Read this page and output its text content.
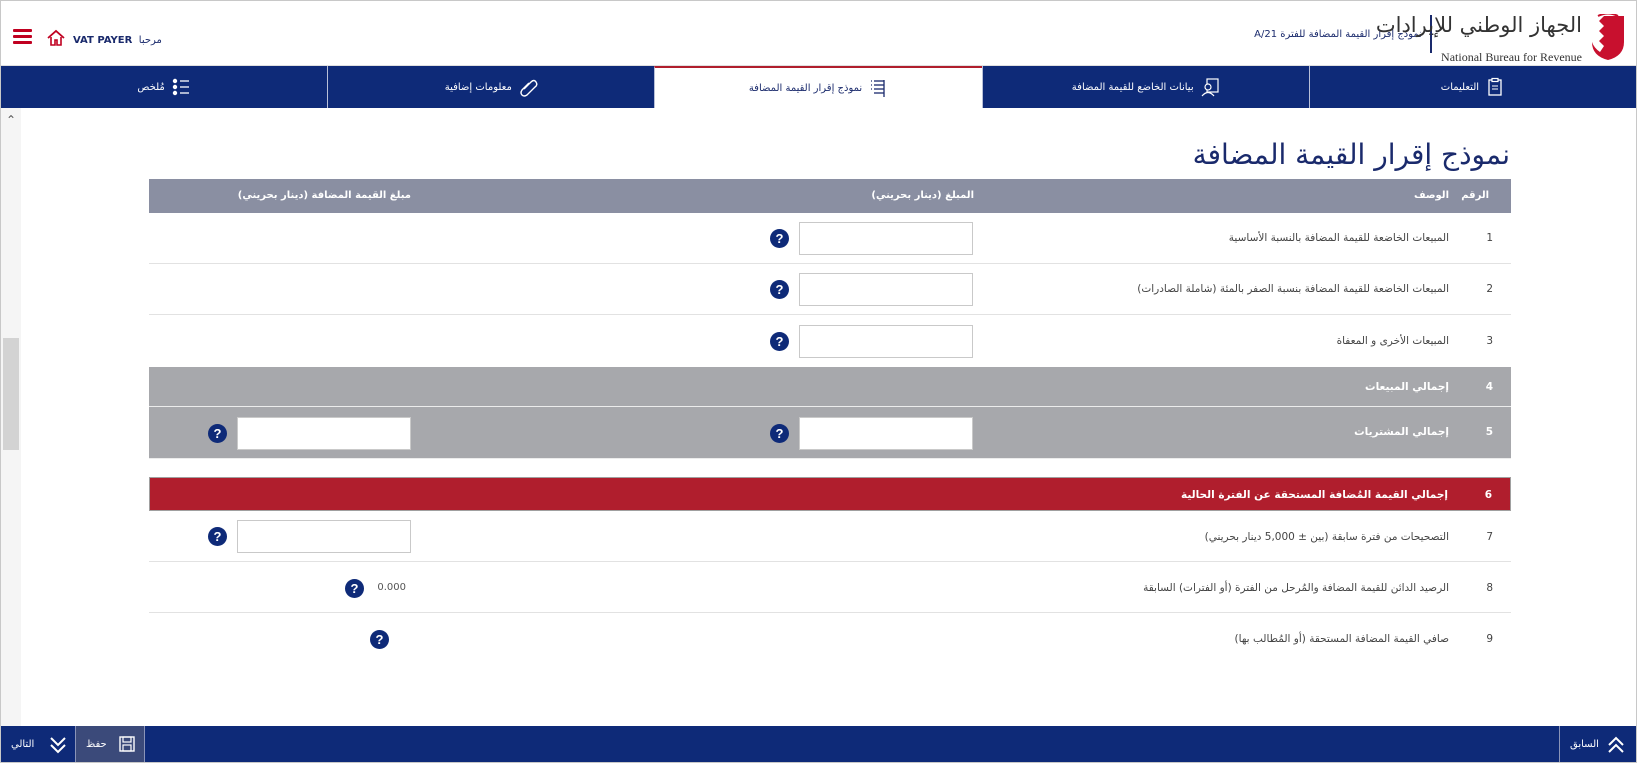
VAT PAYER مرحبا
نموذج إقرار القيمة المضافة للفترة 21/A
الجهاز الوطني للإيرادات
National Bureau for Revenue
التعليمات
بيانات الخاضع للقيمة المضافة
نموذج إقرار القيمة المضافة
معلومات إضافية
مُلخص
⌃
نموذج إقرار القيمة المضافة
الرقم
الوصف
المبلغ (دينار بحريني)
مبلغ القيمة المضافة (دينار بحريني)
1
المبيعات الخاضعة للقيمة المضافة بالنسبة الأساسية
?
2
المبيعات الخاضعة للقيمة المضافة بنسبة الصفر بالمئة (شاملة الصادرات)
?
3
المبيعات الأخرى و المعفاة
?
4
إجمالي المبيعات
5
إجمالي المشتريات
?
?
6
إجمالي القيمة المُضافة المستحقة عن الفترة الحالية
7
التصحيحات من فترة سابقة (بين ± 5,000 دينار بحريني)
?
8
الرصيد الدائن للقيمة المضافة والمُرحل من الفترة (أو الفترات) السابقة
0.000
?
9
صافي القيمة المضافة المستحقة (أو المُطالب بها)
?
التالي	حفظ	السابق
